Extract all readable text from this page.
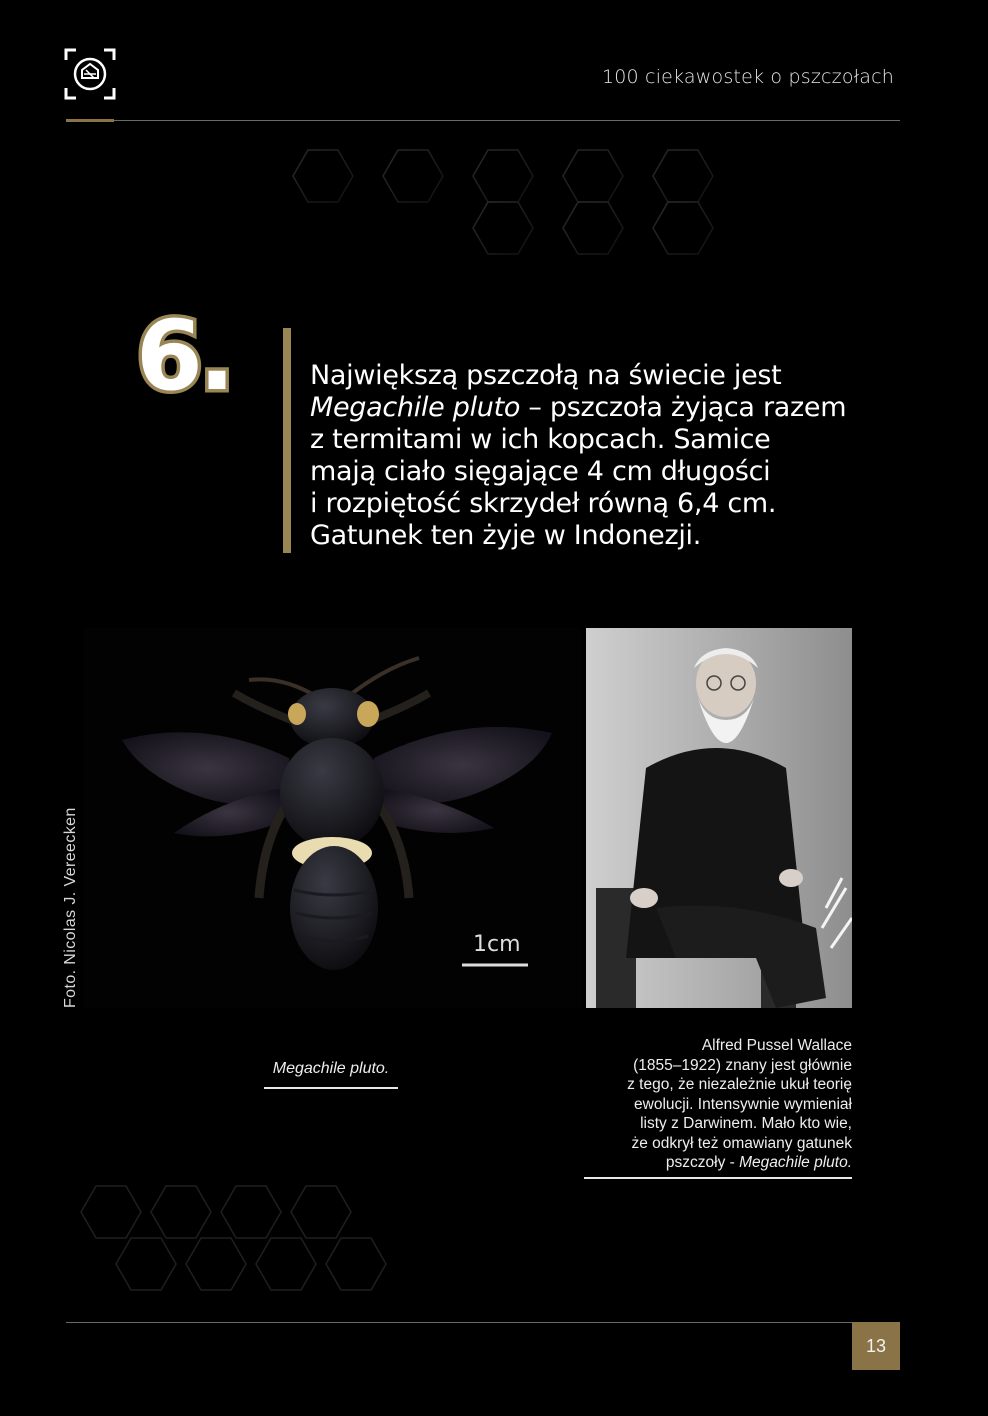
100 ciekawostek o pszczołach
6.	Największą pszczołą na świecie jest
Megachile pluto – pszczoła żyjąca razem
z termitami w ich kopcach. Samice
mają ciało sięgające 4 cm długości
i rozpiętość skrzydeł równą 6,4 cm.
Gatunek ten żyje w Indonezji.
1cm
Foto. Nicolas J. Vereecken
Megachile pluto.
Alfred Pussel Wallace
(1855–1922) znany jest głównie
z tego, że niezależnie ukuł teorię
ewolucji. Intensywnie wymieniał
listy z Darwinem. Mało kto wie,
że odkrył też omawiany gatunek
pszczoły - Megachile pluto.
13
